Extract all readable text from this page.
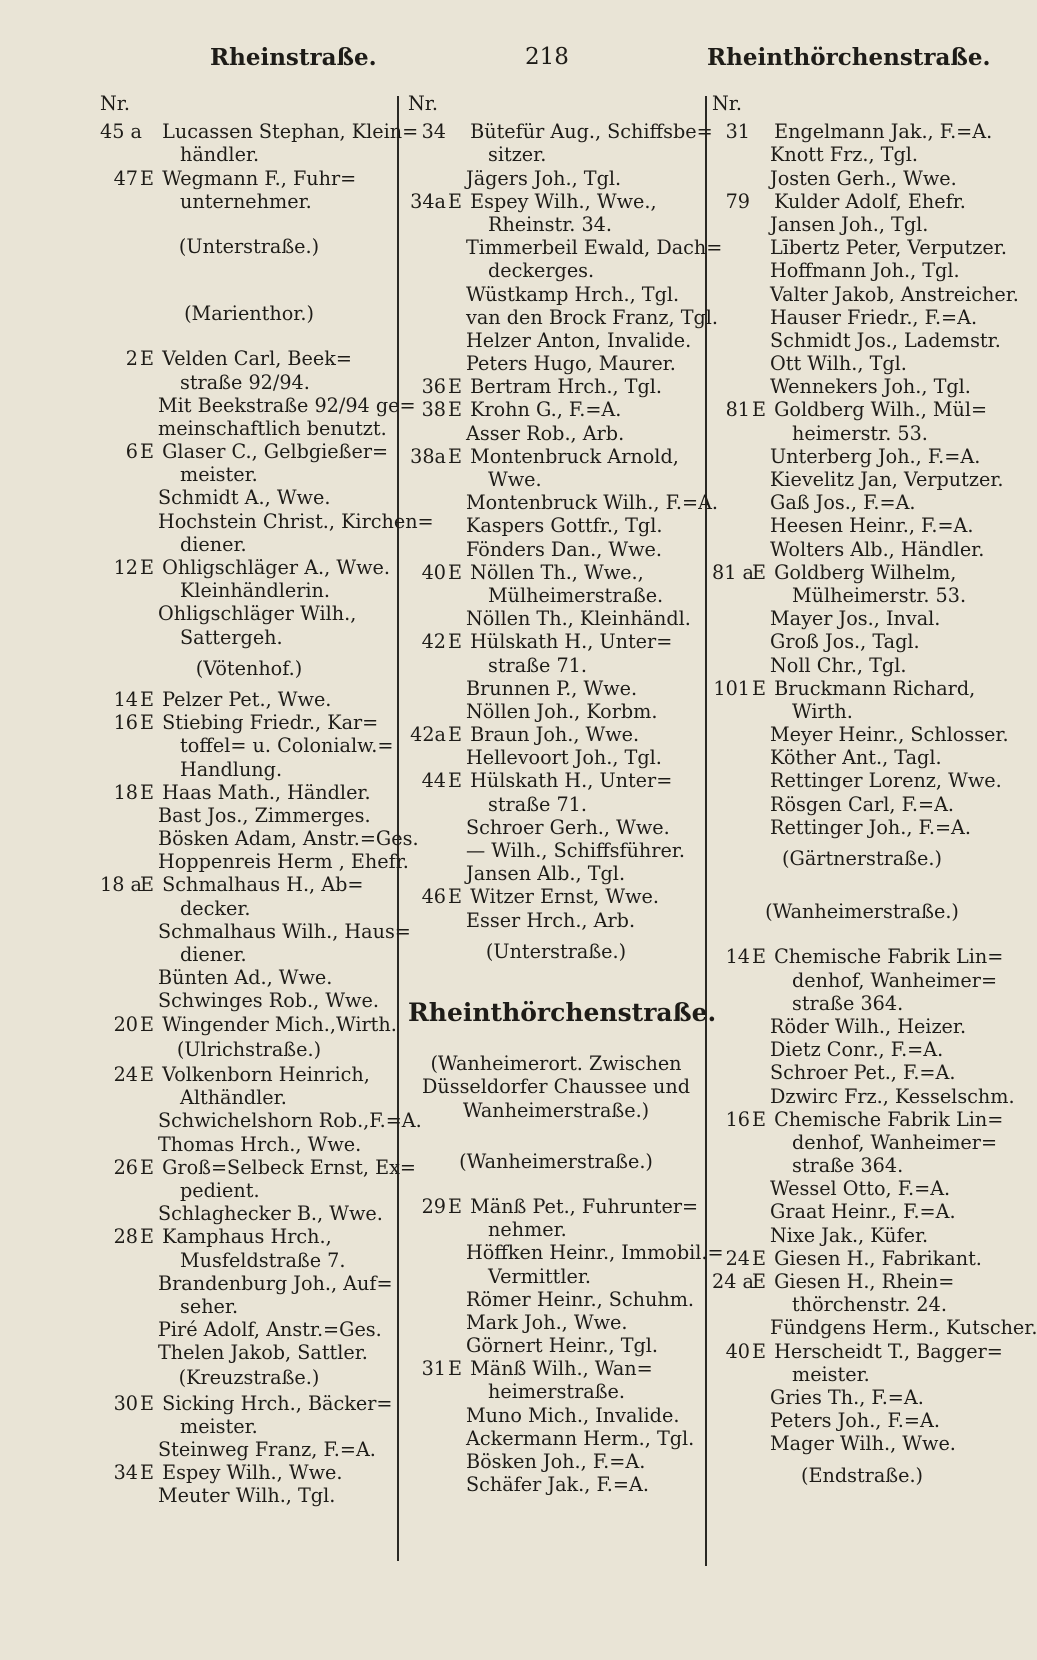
Rheinstraße.	218	Rheinthörchenstraße.
Nr.
45 a Lucassen Stephan, Klein=
händler.
47 E Wegmann F., Fuhr=
unternehmer.
(Unterstraße.)
(Marienthor.)
2 E Velden Carl, Beek=
straße 92/94.
Mit Beekstraße 92/94 ge=
meinschaftlich benutzt.
6 E Glaser C., Gelbgießer=
meister.
Schmidt A., Wwe.
Hochstein Christ., Kirchen=
diener.
12 E Ohligschläger A., Wwe.
Kleinhändlerin.
Ohligschläger Wilh.,
Sattergeh.
(Vötenhof.)
14 E Pelzer Pet., Wwe.
16 E Stiebing Friedr., Kar=
toffel= u. Colonialw.=
Handlung.
18 E Haas Math., Händler.
Bast Jos., Zimmerges.
Bösken Adam, Anstr.=Ges.
Hoppenreis Herm , Ehefr.
18 aE Schmalhaus H., Ab=
decker.
Schmalhaus Wilh., Haus=
diener.
Bünten Ad., Wwe.
Schwinges Rob., Wwe.
20 E Wingender Mich.,Wirth.
(Ulrichstraße.)
24 E Volkenborn Heinrich,
Althändler.
Schwichelshorn Rob.,F.=A.
Thomas Hrch., Wwe.
26 E Groß=Selbeck Ernst, Ex=
pedient.
Schlaghecker B., Wwe.
28 E Kamphaus Hrch.,
Musfeldstraße 7.
Brandenburg Joh., Auf=
seher.
Piré Adolf, Anstr.=Ges.
Thelen Jakob, Sattler.
(Kreuzstraße.)
30 E Sicking Hrch., Bäcker=
meister.
Steinweg Franz, F.=A.
34 E Espey Wilh., Wwe.
Meuter Wilh., Tgl.
Nr.
34 Bütefür Aug., Schiffsbe=
sitzer.
Jägers Joh., Tgl.
34a E Espey Wilh., Wwe.,
Rheinstr. 34.
Timmerbeil Ewald, Dach=
deckerges.
Wüstkamp Hrch., Tgl.
van den Brock Franz, Tgl.
Helzer Anton, Invalide.
Peters Hugo, Maurer.
36 E Bertram Hrch., Tgl.
38 E Krohn G., F.=A.
Asser Rob., Arb.
38a E Montenbruck Arnold,
Wwe.
Montenbruck Wilh., F.=A.
Kaspers Gottfr., Tgl.
Fönders Dan., Wwe.
40 E Nöllen Th., Wwe.,
Mülheimerstraße.
Nöllen Th., Kleinhändl.
42 E Hülskath H., Unter=
straße 71.
Brunnen P., Wwe.
Nöllen Joh., Korbm.
42a E Braun Joh., Wwe.
Hellevoort Joh., Tgl.
44 E Hülskath H., Unter=
straße 71.
Schroer Gerh., Wwe.
— Wilh., Schiffsführer.
Jansen Alb., Tgl.
46 E Witzer Ernst, Wwe.
Esser Hrch., Arb.
(Unterstraße.)
Rheinthörchenstraße.
(Wanheimerort. Zwischen
Düsseldorfer Chaussee und
Wanheimerstraße.)
(Wanheimerstraße.)
29 E Mänß Pet., Fuhrunter=
nehmer.
Höffken Heinr., Immobil.=
Vermittler.
Römer Heinr., Schuhm.
Mark Joh., Wwe.
Görnert Heinr., Tgl.
31 E Mänß Wilh., Wan=
heimerstraße.
Muno Mich., Invalide.
Ackermann Herm., Tgl.
Bösken Joh., F.=A.
Schäfer Jak., F.=A.
Nr.
31 Engelmann Jak., F.=A.
Knott Frz., Tgl.
Josten Gerh., Wwe.
79 Kulder Adolf, Ehefr.
Jansen Joh., Tgl.
Lībertz Peter, Verputzer.
Hoffmann Joh., Tgl.
Valter Jakob, Anstreicher.
Hauser Friedr., F.=A.
Schmidt Jos., Lademstr.
Ott Wilh., Tgl.
Wennekers Joh., Tgl.
81 E Goldberg Wilh., Mül=
heimerstr. 53.
Unterberg Joh., F.=A.
Kievelitz Jan, Verputzer.
Gaß Jos., F.=A.
Heesen Heinr., F.=A.
Wolters Alb., Händler.
81 aE Goldberg Wilhelm,
Mülheimerstr. 53.
Mayer Jos., Inval.
Groß Jos., Tagl.
Noll Chr., Tgl.
101 E Bruckmann Richard,
Wirth.
Meyer Heinr., Schlosser.
Köther Ant., Tagl.
Rettinger Lorenz, Wwe.
Rösgen Carl, F.=A.
Rettinger Joh., F.=A.
(Gärtnerstraße.)
(Wanheimerstraße.)
14 E Chemische Fabrik Lin=
denhof, Wanheimer=
straße 364.
Röder Wilh., Heizer.
Dietz Conr., F.=A.
Schroer Pet., F.=A.
Dzwirc Frz., Kesselschm.
16 E Chemische Fabrik Lin=
denhof, Wanheimer=
straße 364.
Wessel Otto, F.=A.
Graat Heinr., F.=A.
Nixe Jak., Küfer.
24 E Giesen H., Fabrikant.
24 aE Giesen H., Rhein=
thörchenstr. 24.
Fündgens Herm., Kutscher.
40 E Herscheidt T., Bagger=
meister.
Gries Th., F.=A.
Peters Joh., F.=A.
Mager Wilh., Wwe.
(Endstraße.)
